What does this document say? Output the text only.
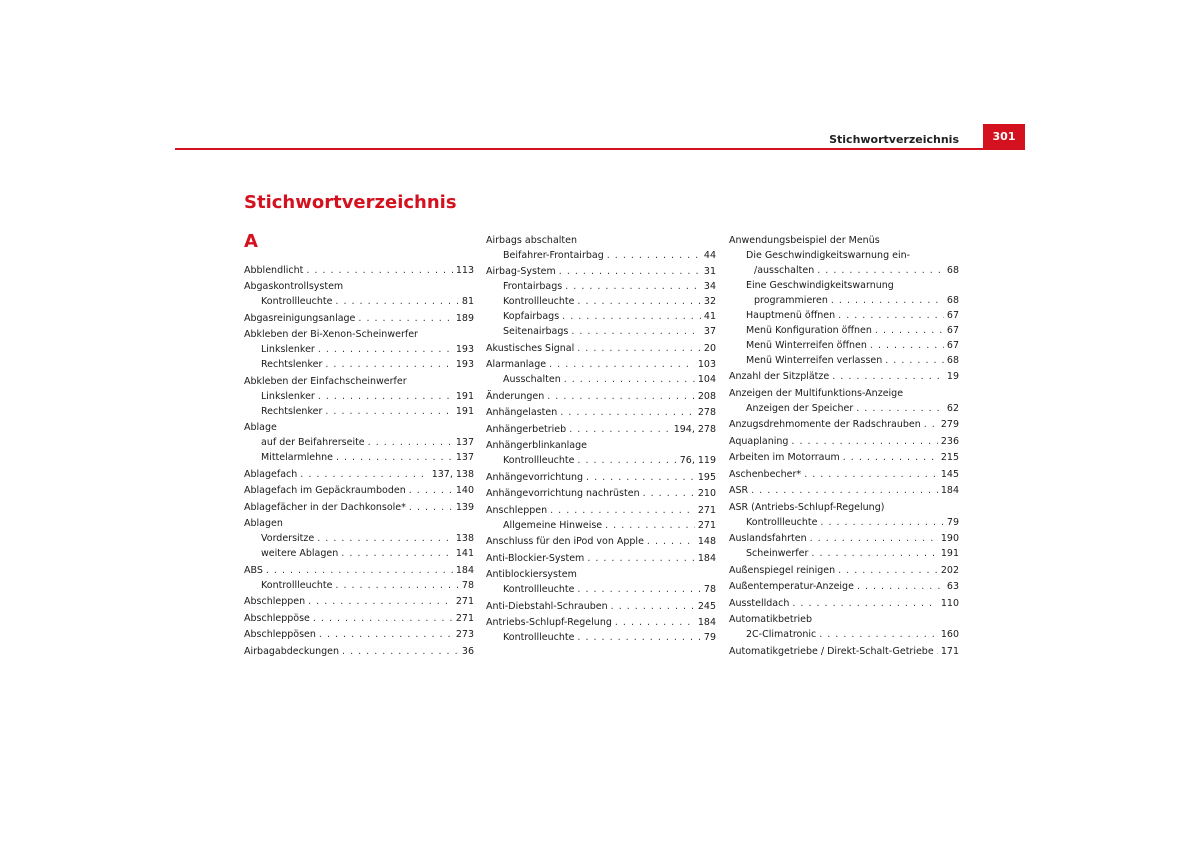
Stichwortverzeichnis	301
Stichwortverzeichnis
A
Abblendlicht . . .	113
Abgaskontrollsystem
Kontrollleuchte . . .	81
Abgasreinigungsanlage . . .	189
Abkleben der Bi-Xenon-Scheinwerfer
Linkslenker . . .	193
Rechtslenker . . .	193
Abkleben der Einfachscheinwerfer
Linkslenker . . .	191
Rechtslenker . . .	191
Ablage
auf der Beifahrerseite . . .	137
Mittelarmlehne . . .	137
Ablagefach . . .	137, 138
Ablagefach im Gepäckraumboden . . .	140
Ablagefächer in der Dachkonsole* . . .	139
Ablagen
Vordersitze . . .	138
weitere Ablagen . . .	141
ABS . . .	184
Kontrollleuchte . . .	78
Abschleppen . . .	271
Abschleppöse . . .	271
Abschleppösen . . .	273
Airbagabdeckungen . . .	36
Airbags abschalten
Beifahrer-Frontairbag . . .	44
Airbag-System . . .	31
Frontairbags . . .	34
Kontrollleuchte . . .	32
Kopfairbags . . .	41
Seitenairbags . . .	37
Akustisches Signal . . .	20
Alarmanlage . . .	103
Ausschalten . . .	104
Änderungen . . .	208
Anhängelasten . . .	278
Anhängerbetrieb . . .	194, 278
Anhängerblinkanlage
Kontrollleuchte . . .	76, 119
Anhängevorrichtung . . .	195
Anhängevorrichtung nachrüsten . . .	210
Anschleppen . . .	271
Allgemeine Hinweise . . .	271
Anschluss für den iPod von Apple . . .	148
Anti-Blockier-System . . .	184
Antiblockiersystem
Kontrollleuchte . . .	78
Anti-Diebstahl-Schrauben . . .	245
Antriebs-Schlupf-Regelung . . .	184
Kontrollleuchte . . .	79
Anwendungsbeispiel der Menüs
Die Geschwindigkeitswarnung ein-
/ausschalten . . .	68
Eine Geschwindigkeitswarnung
programmieren . . .	68
Hauptmenü öffnen . . .	67
Menü Konfiguration öffnen . . .	67
Menü Winterreifen öffnen . . .	67
Menü Winterreifen verlassen . . .	68
Anzahl der Sitzplätze . . .	19
Anzeigen der Multifunktions-Anzeige
Anzeigen der Speicher . . .	62
Anzugsdrehmomente der Radschrauben . . . 279
Aquaplaning . . .	236
Arbeiten im Motorraum . . .	215
Aschenbecher* . . .	145
ASR . . .	184
ASR (Antriebs-Schlupf-Regelung)
Kontrollleuchte . . .	79
Auslandsfahrten . . .	190
Scheinwerfer . . .	191
Außenspiegel reinigen . . .	202
Außentemperatur-Anzeige . . .	63
Ausstelldach . . .	110
Automatikbetrieb
2C-Climatronic . . .	160
Automatikgetriebe / Direkt-Schalt-Getriebe . . . 171
